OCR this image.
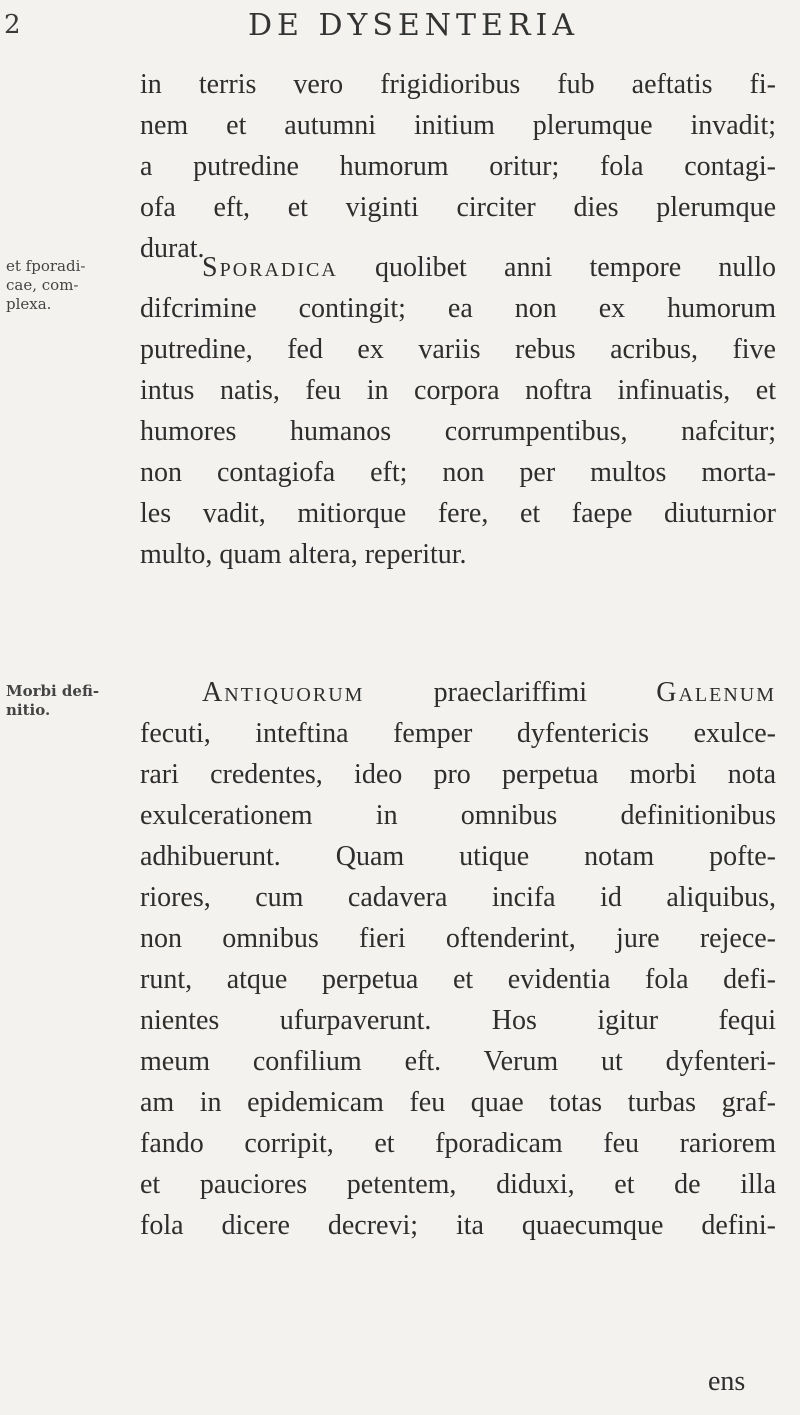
2	DE DYSENTERIA
et fporadi-
cae, com-
plexa.
Morbi defi-
nitio.
in terris vero frigidioribus fub aeftatis fi-
nem et autumni initium plerumque invadit;
a putredine humorum oritur; fola contagi-
ofa eft, et viginti circiter dies plerumque
durat.
Sporadica quolibet anni tempore nullo
difcrimine contingit; ea non ex humorum
putredine, fed ex variis rebus acribus, five
intus natis, feu in corpora noftra infinuatis, et
humores humanos corrumpentibus, nafcitur;
non contagiofa eft; non per multos morta-
les vadit, mitiorque fere, et faepe diuturnior
multo, quam altera, reperitur.
Antiquorum praeclariffimi Galenum
fecuti, inteftina femper dyfentericis exulce-
rari credentes, ideo pro perpetua morbi nota
exulcerationem in omnibus definitionibus
adhibuerunt. Quam utique notam pofte-
riores, cum cadavera incifa id aliquibus,
non omnibus fieri oftenderint, jure rejece-
runt, atque perpetua et evidentia fola defi-
nientes ufurpaverunt. Hos igitur fequi
meum confilium eft. Verum ut dyfenteri-
am in epidemicam feu quae totas turbas graf-
fando corripit, et fporadicam feu rariorem
et pauciores petentem, diduxi, et de illa
fola dicere decrevi; ita quaecumque defini-
ens
